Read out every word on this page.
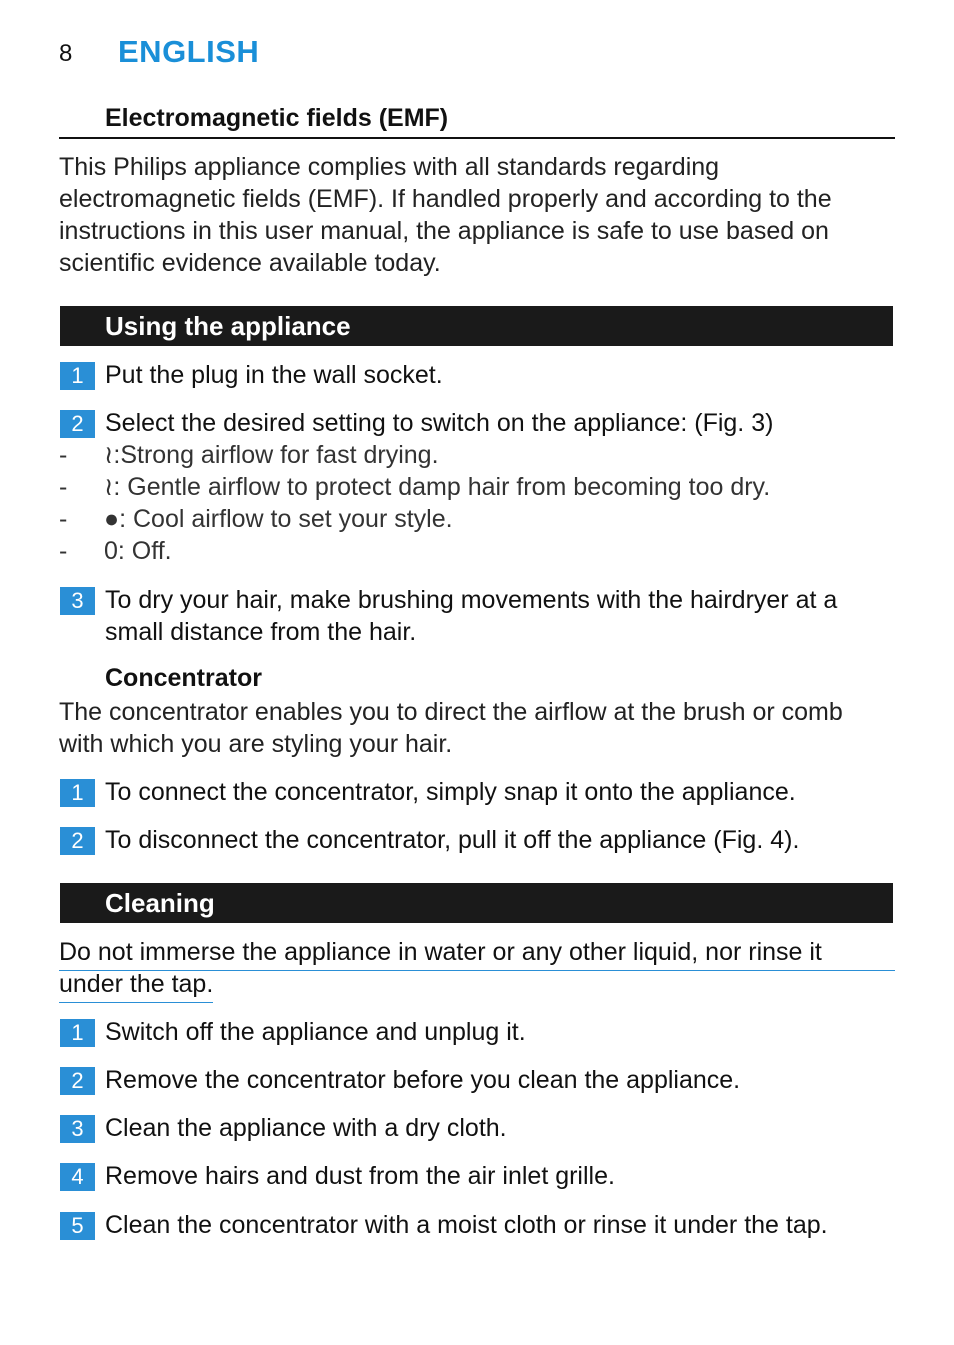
8 ENGLISH
Electromagnetic fields (EMF)
This Philips appliance complies with all standards regarding
electromagnetic fields (EMF). If handled properly and according to the
instructions in this user manual, the appliance is safe to use based on
scientific evidence available today.
Using the appliance
1 Put the plug in the wall socket.
2 Select the desired setting to switch on the appliance: (Fig. 3)
- ≀:Strong airflow for fast drying.
- ≀: Gentle airflow to protect damp hair from becoming too dry.
- ●: Cool airflow to set your style.
- 0: Off.
3 To dry your hair, make brushing movements with the hairdryer at a
small distance from the hair.
Concentrator
The concentrator enables you to direct the airflow at the brush or comb
with which you are styling your hair.
1 To connect the concentrator, simply snap it onto the appliance.
2 To disconnect the concentrator, pull it off the appliance (Fig. 4).
Cleaning
Do not immerse the appliance in water or any other liquid, nor rinse it
under the tap.
1 Switch off the appliance and unplug it.
2 Remove the concentrator before you clean the appliance.
3 Clean the appliance with a dry cloth.
4 Remove hairs and dust from the air inlet grille.
5 Clean the concentrator with a moist cloth or rinse it under the tap.
